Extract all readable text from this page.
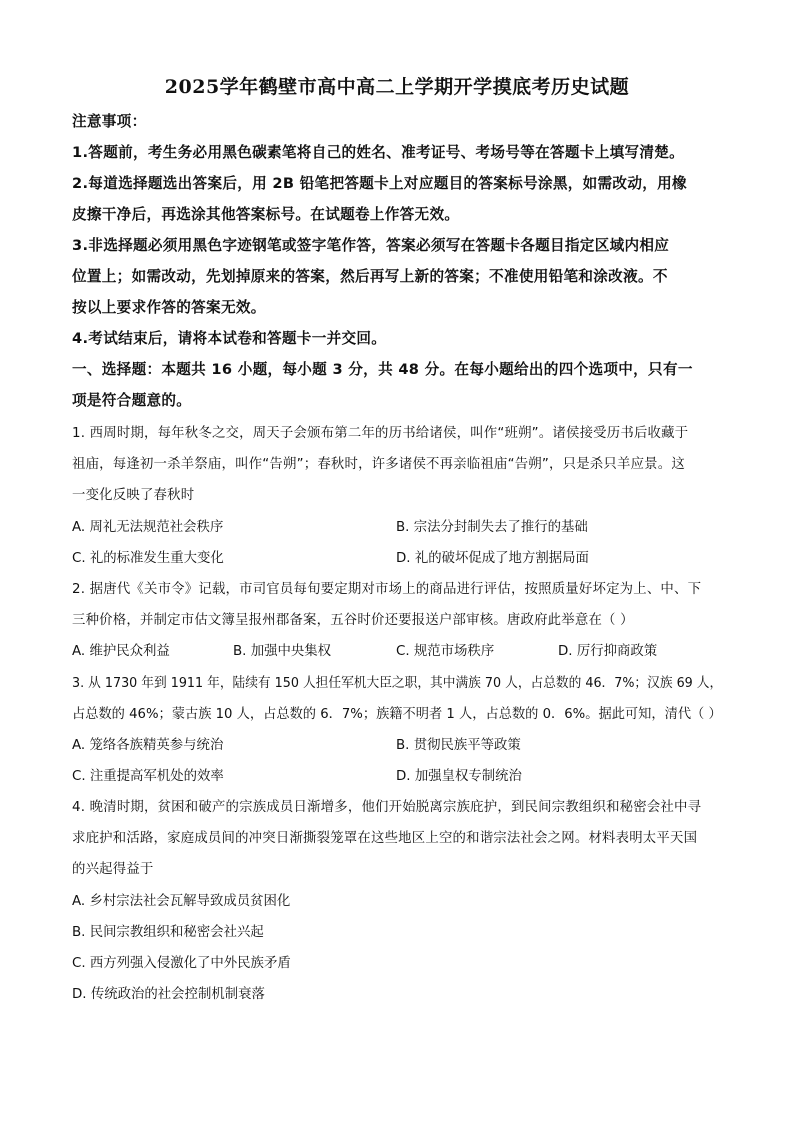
2025学年鹤壁市高中高二上学期开学摸底考历史试题
注意事项：
1.答题前，考生务必用黑色碳素笔将自己的姓名、准考证号、考场号等在答题卡上填写清楚。
2.每道选择题选出答案后，用 2B 铅笔把答题卡上对应题目的答案标号涂黑，如需改动，用橡
皮擦干净后，再选涂其他答案标号。在试题卷上作答无效。
3.非选择题必须用黑色字迹钢笔或签字笔作答，答案必须写在答题卡各题目指定区域内相应
位置上；如需改动，先划掉原来的答案，然后再写上新的答案；不准使用铅笔和涂改液。不
按以上要求作答的答案无效。
4.考试结束后，请将本试卷和答题卡一并交回。
一、选择题：本题共 16 小题，每小题 3 分，共 48 分。在每小题给出的四个选项中，只有一
项是符合题意的。
1. 西周时期，每年秋冬之交，周天子会颁布第二年的历书给诸侯，叫作“班朔”。诸侯接受历书后收藏于
祖庙，每逢初一杀羊祭庙，叫作“告朔”；春秋时，许多诸侯不再亲临祖庙“告朔”，只是杀只羊应景。这
一变化反映了春秋时
A. 周礼无法规范社会秩序	B. 宗法分封制失去了推行的基础
C. 礼的标准发生重大变化	D. 礼的破坏促成了地方割据局面
2. 据唐代《关市令》记载，市司官员每旬要定期对市场上的商品进行评估，按照质量好坏定为上、中、下
三种价格，并制定市估文簿呈报州郡备案，五谷时价还要报送户部审核。唐政府此举意在（ ）
A. 维护民众利益	B. 加强中央集权	C. 规范市场秩序	D. 厉行抑商政策
3. 从 1730 年到 1911 年，陆续有 150 人担任军机大臣之职，其中满族 70 人，占总数的 46．7%；汉族 69 人，
占总数的 46%；蒙古族 10 人，占总数的 6．7%；族籍不明者 1 人，占总数的 0．6%。据此可知，清代（ ）
A. 笼络各族精英参与统治	B. 贯彻民族平等政策
C. 注重提高军机处的效率	D. 加强皇权专制统治
4. 晚清时期，贫困和破产的宗族成员日渐增多，他们开始脱离宗族庇护，到民间宗教组织和秘密会社中寻
求庇护和活路，家庭成员间的冲突日渐撕裂笼罩在这些地区上空的和谐宗法社会之网。材料表明太平天国
的兴起得益于
A. 乡村宗法社会瓦解导致成员贫困化
B. 民间宗教组织和秘密会社兴起
C. 西方列强入侵激化了中外民族矛盾
D. 传统政治的社会控制机制衰落
